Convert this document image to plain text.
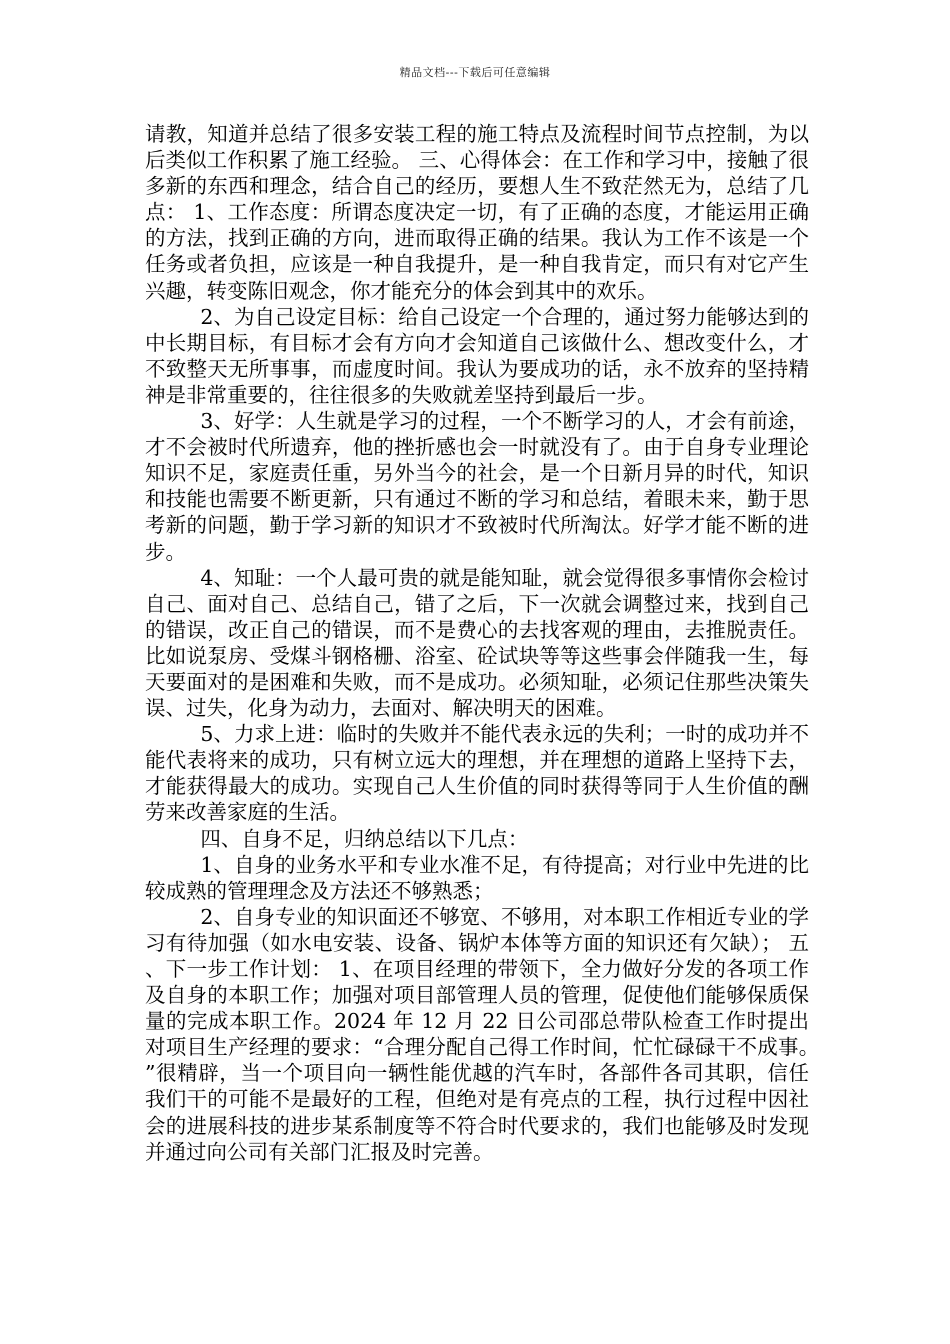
精品文档---下载后可任意编辑

请教，知道并总结了很多安装工程的施工特点及流程时间节点控制，为以后类似工作积累了施工经验。 三、心得体会：在工作和学习中，接触了很多新的东西和理念，结合自己的经历，要想人生不致茫然无为，总结了几点： 1、工作态度：所谓态度决定一切，有了正确的态度，才能运用正确的方法，找到正确的方向，进而取得正确的结果。我认为工作不该是一个任务或者负担，应该是一种自我提升，是一种自我肯定，而只有对它产生兴趣，转变陈旧观念，你才能充分的体会到其中的欢乐。

2、为自己设定目标：给自己设定一个合理的，通过努力能够达到的中长期目标，有目标才会有方向才会知道自己该做什么、想改变什么，才不致整天无所事事，而虚度时间。我认为要成功的话，永不放弃的坚持精神是非常重要的，往往很多的失败就差坚持到最后一步。

3、好学：人生就是学习的过程，一个不断学习的人，才会有前途，才不会被时代所遗弃，他的挫折感也会一时就没有了。由于自身专业理论知识不足，家庭责任重，另外当今的社会，是一个日新月异的时代，知识和技能也需要不断更新，只有通过不断的学习和总结，着眼未来，勤于思考新的问题，勤于学习新的知识才不致被时代所淘汰。好学才能不断的进步。

4、知耻：一个人最可贵的就是能知耻，就会觉得很多事情你会检讨自己、面对自己、总结自己，错了之后，下一次就会调整过来，找到自己的错误，改正自己的错误，而不是费心的去找客观的理由，去推脱责任。比如说泵房、受煤斗钢格栅、浴室、砼试块等等这些事会伴随我一生，每天要面对的是困难和失败，而不是成功。必须知耻，必须记住那些决策失误、过失，化身为动力，去面对、解决明天的困难。

5、力求上进：临时的失败并不能代表永远的失利；一时的成功并不能代表将来的成功，只有树立远大的理想，并在理想的道路上坚持下去，才能获得最大的成功。实现自己人生价值的同时获得等同于人生价值的酬劳来改善家庭的生活。

四、自身不足，归纳总结以下几点：

1、自身的业务水平和专业水准不足，有待提高；对行业中先进的比较成熟的管理理念及方法还不够熟悉；

2、自身专业的知识面还不够宽、不够用，对本职工作相近专业的学习有待加强（如水电安装、设备、锅炉本体等方面的知识还有欠缺）； 五、下一步工作计划： 1、在项目经理的带领下，全力做好分发的各项工作及自身的本职工作；加强对项目部管理人员的管理，促使他们能够保质保量的完成本职工作。2024 年 12 月 22 日公司邵总带队检查工作时提出对项目生产经理的要求：“合理分配自己得工作时间，忙忙碌碌干不成事。”很精辟，当一个项目向一辆性能优越的汽车时，各部件各司其职，信任我们干的可能不是最好的工程，但绝对是有亮点的工程，执行过程中因社会的进展科技的进步某系制度等不符合时代要求的，我们也能够及时发现并通过向公司有关部门汇报及时完善。
